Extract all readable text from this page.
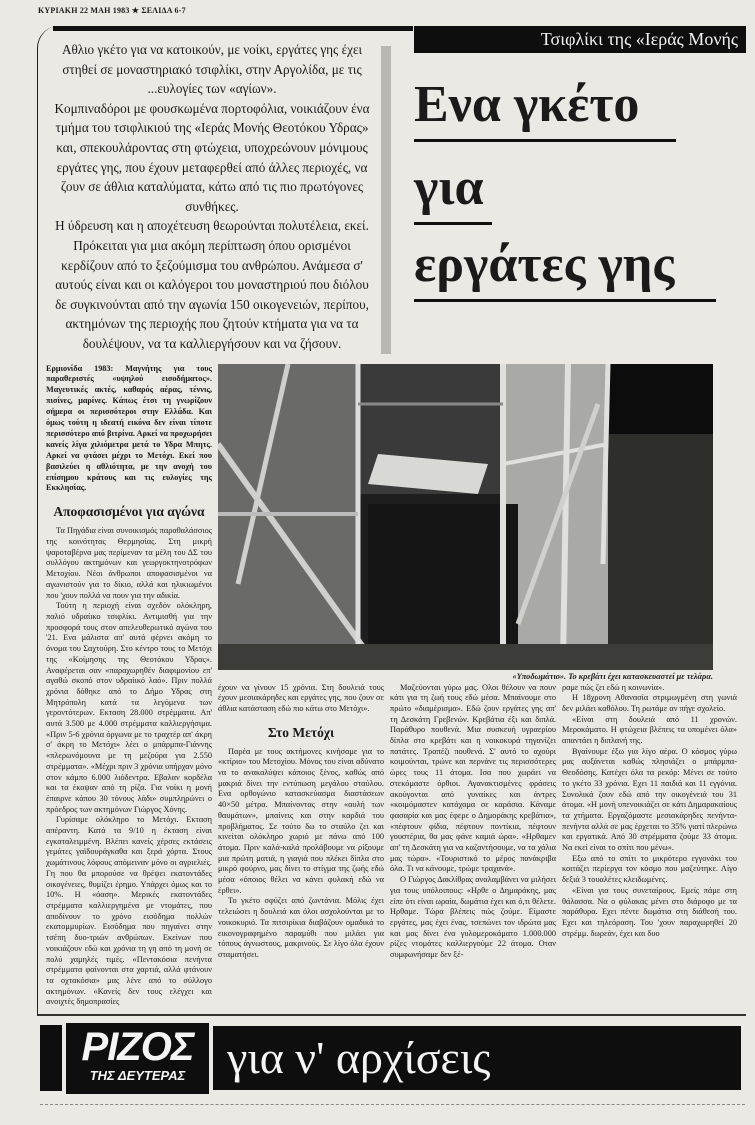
ΚΥΡΙΑΚΗ 22 ΜΑΗ 1983 ★ ΣΕΛΙΔΑ 6-7

Αθλιο γκέτο για να κατοικούν, με νοίκι, εργάτες γης έχει στηθεί σε μοναστηριακό τσιφλίκι, στην Αργολίδα, με τις ...ευλογίες των «αγίων».

Κομπιναδόροι με φουσκωμένα πορτοφόλια, νοικιάζουν ένα τμήμα του τσιφλικιού της «Ιεράς Μονής Θεοτόκου Υδρας» και, σπεκουλάροντας στη φτώχεια, υποχρεώνουν μόνιμους εργάτες γης, που έχουν μεταφερθεί από άλλες περιοχές, να ζουν σε άθλια καταλύματα, κάτω από τις πιο πρωτόγονες συνθήκες.

Η ύδρευση και η αποχέτευση θεωρούνται πολυτέλεια, εκεί. Πρόκειται για μια ακόμη περίπτωση όπου ορισμένοι κερδίζουν από το ξεζούμισμα του ανθρώπου. Ανάμεσα σ' αυτούς είναι και οι καλόγεροι του μοναστηριού που διόλου δε συγκινούνται από την αγωνία 150 οικογενειών, περίπου, ακτημόνων της περιοχής που ζητούν κτήματα για να τα δουλέψουν, να τα καλλιεργήσουν και να ζήσουν.

Τσιφλίκι της «Ιεράς Μονής
Ενα γκέτο
για
εργάτες γης
Ερμιονίδα 1983: Μαγνήτης για τους παραθεριστές «υψηλού εισοδήματος». Μαγευτικές ακτές, καθαρός αέρας, τέννις, πισίνες, μαρίνες. Κάπως έτσι τη γνωρίζουν σήμερα οι περισσότεροι στην Ελλάδα. Και όμως τούτη η ιδεατή εικόνα δεν είναι τίποτε περισσότερο από βιτρίνα. Αρκεί να προχωρήσει κανείς λίγα χιλιόμετρα μετά το Υδρα Μπητς. Αρκεί να φτάσει μέχρι το Μετόχι. Εκεί που βασιλεύει η αθλιότητα, με την ανοχή του επίσημου κράτους και τις ευλογίες της Εκκλησίας.
Αποφασισμένοι για αγώνα

Τα Πηγάδια είναι συνοικισμός παραθαλάσσιος της κοινότητας Θερμησίας. Στη μικρή ψαροταβέρνα μας περίμεναν τα μέλη του ΔΣ του συλλόγου ακτημόνων και γεωργοκτηνοτρόφων Μετοχίου. Νέοι άνθρωποι αποφασισμένοι να αγωνιστούν για το δίκιο, αλλά και ηλικιωμένοι που 'χουν πολλά να πουν για την αδικία.

Τούτη η περιοχή είναι σχεδόν ολόκληρη, παλιό υδραίικο τσιφλίκι. Αντιμισθή για την προσφορά τους στον απελευθερωτικό αγώνα του '21. Ενα μάλιστα απ' αυτά φέρνει ακόμη το όνομα του Σαχτούρη. Στο κέντρο τους το Μετόχι της «Κοίμησης της Θεοτόκου Υδρας». Αναφέρεται σαν «παραχωρηθέν διαφιμονίου επ' αγαθώ σκοπό στον υδραίικό λαό». Πριν πολλά χρόνια δόθηκε από το Δήμο Υδρας στη Μητρόπολη κατά τα λεγόμενα των γεροντότερων. Εκταση 28.000 στρέμματα. Απ' αυτά 3.500 με 4.000 στρέμματα καλλιεργήσιμα. «Πριν 5-6 χρόνια όργωνα με το τραχτέρ απ' άκρη σ' άκρη το Μετόχι» λέει ο μπάρμπα-Γιάννης «πλερωνόμουνα με τη μεζούρα για 2.550 στρέμματα». «Μέχρι πριν 3 χρόνια υπήρχαν μόνο στον κάμπο 6.000 λιόδεντρα. Εβαλαν κορδέλα και τα έκοψαν από τη ρίζα. Για νοίκι η μονή έπαιρνε κάπου 30 τόνους λάδι» συμπληρώνει ο πρόεδρος των ακτημόνων Γιώργος Χόνης.

Γυρίσαμε ολόκληρο το Μετόχι. Εκταση απέραντη. Κατά τα 9/10 η έκταση είναι εγκαταλειμμένη. Βλέπει κανείς χέρσες εκτάσεις γεμάτες γαϊδουράγκαθα και ξερά χόρτα. Στους χωμάτινους λόφους απόμειναν μόνο οι αγριελιές. Γη που θα μπορούσε να θρέψει εκατοντάδες οικογένειες, θυμίζει έρημο. Υπάρχει όμως και το 10%. Η «όαση». Μερικές εκατοντάδες στρέμματα καλλιεργημένα με ντομάτες, που αποδίνουν το χρόνο εισόδημα πολλών εκατομμυρίων. Εισόδημα που πηγαίνει στην τσέπη δυο-τριών ανθρώπων. Εκείνων που νοικιάζουν εδώ και χρόνια τη γη από τη μονή σε πολύ χαμηλές τιμές. «Πεντακόσια πενήντα στρέμματα φαίνονται στα χαρτιά, αλλά φτάνουν τα οχτακόσια» μας λένε από το σύλλογο ακτημόνων. «Κανείς δεν τους ελέγχει και ανοιχτές δημοπρασίες

«Υποδωμάτιο». Το κρεβάτι έχει κατασκευαστεί με τελάρα.

έχουν να γίνουν 15 χρόνια. Στη δουλειά τους έχουν μεσιακάρηδες και εργάτες γης, που ζουν σε άθλια κατάσταση εδώ πιο κάτω στο Μετόχι».

Στο Μετόχι

Παρέα με τους ακτήμονες κινήσαμε για το «κτίριο» του Μετοχίου. Μόνος του είναι αδύνατο να το ανακαλύψει κάποιος ξένος, καθώς από μακριά δίνει την εντύπωση μεγάλου σταύλου. Ενα ορθογώνιο κατασκεύασμα διαστάσεων 40×50 μέτρα. Μπαίνοντας στην «αυλή των θαυμάτων», μπαίνεις και στην καρδιά του προβλήματος. Σε τούτο δω το σταύλο ζει και κινείται ολόκληρο χωριό με πάνω από 100 άτομα. Πριν καλά-καλά προλάβουμε να ρίξουμε μια πρώτη ματιά, η γιαγιά που πλέκει δίπλα στο μικρό φούρνο, μας δίνει το στίγμα της ζωής εδώ μέσα «όποιος θέλει να κάνει φυλακή εδώ να έρθει».

Το γκέτο σφύζει από ζωντάνια. Μόλις έχει τελειώσει η δουλειά και όλοι ασχολούνται με το νοικοκυριό. Τα πιτσιρίκια διαβάζουν ομαδικά το εικονογραφημένο παραμύθι που μιλάει για τόπους άγνωστους, μακρινούς. Σε λίγο όλα έχουν σταματήσει.

Μαζεύονται γύρω μας. Ολοι θέλουν να πουν κάτι για τη ζωή τους εδώ μέσα. Μπαίνουμε στο πρώτο «διαμέρισμα». Εδώ ζουν εργάτες γης απ' τη Δεσκάτη Γρεβενών. Κρεβάτια έξι και διπλά. Παράθυρο πουθενά. Μια συσκευή υγραερίου δίπλα στο κρεβάτι και η νοικοκυρά τηγανίζει πατάτες. Τραπέζι πουθενά. Σ' αυτό το αχούρι κοιμούνται, τρώνε και περνάνε τις περισσότερες ώρες τους 11 άτομα. Ισα που χωράει να στεκόμαστε όρθιοι. Αγανακτισμένες φράσεις ακούγονται από γυναίκες και άντρες «κοιμόμαστεν κατάχαμα σε καράσια. Κάναμε φασαρία και μας έφερε ο Δημοράκης κρεβάτια», «πέφτουν φίδια, πέφτουν ποντίκια, πέφτουν γουστέρια, θα μας φάνε καμιά ώρα». «Ηρθαμεν απ' τη Δεσκάτη για να καζαντήσουμε, να τα χάλια μας τώρα». «Τουριστικό το μέρος πανάκριβα όλα. Τι να κάνουμε, τρώμε τραχανά».

Ο Γιώργος Δακλίθρας αναλαμβάνει να μιλήσει για τους υπόλοιπους: «Ηρθε ο Δημαράκης, μας είπε ότι είναι ωραία, δωμάτια έχει και ό,τι θέλετε. Ηρθαμε. Τώρα βλέπεις πώς ζούμε. Είμαστε εργάτες, μας έχει ένας, τσεπώνει τον ιδρώτα μας και μας δίνει ένα γυλομεροκάματο 1.000.000 ρίζες ντομάτες καλλιεργούμε 22 άτομα. Οταν συμφωνήσαμε δεν ξέ-

ραμε πώς ζει εδώ η κοινωνία».

Η 18χρονη Αθανασία στριμωγμένη στη γωνιά δεν μιλάει καθόλου. Τη ρωτάμε αν πήγε σχολείο.

«Είναι στη δουλειά από 11 χρονών. Μεροκάματο. Η φτώχεια βλέπεις τα υπομένει όλα» απαντάει η διπλανή της.

Βγαίνουμε έξω για λίγο αέρα. Ο κόσμος γύρω μας αυξάνεται καθώς πλησιάζει ο μπάρμπα-Θεοδόσης. Κατέχει όλα τα ρεκόρ: Μένει σε τούτο το γκέτο 33 χρόνια. Εχει 11 παιδιά και 11 εγγόνια. Συνολικά ζουν εδώ από την οικογένειά του 31 άτομα. «Η μονή υπενοικιάζει σε κάτι Δημαρακαίους τα χτήματα. Εργαζόμαστε μεσιακάρηδες πενήντα-πενήντα αλλά σε μας έρχεται το 35% γιατί πλερώνω και εργατικά. Από 30 στρέμματα ζούμε 33 άτομα. Να εκεί είναι το σπίτι που μένω».

Εξω από το σπίτι το μικρότερο εγγονάκι του κοιτάζει περίεργα τον κόσμο που μαζεύτηκε. Λίγο δεξιά 3 τουαλέτες κλειδωμένες.

«Είναι για τους συνεταίρους. Εμείς πάμε στη θάλασσα. Να ο φύλακας μένει στο διάροφο με τα παράθυρα. Εχει πέντε δωμάτια στη διάθεσή του. Εχει και τηλεόραση. Του 'χουν παραχωρηθεί 20 στρέμμ. δωρεάν, έχει και δυο

ΡΙΖΟΣ
ΤΗΣ ΔΕΥΤΕΡΑΣ για ν' αρχίσεις
